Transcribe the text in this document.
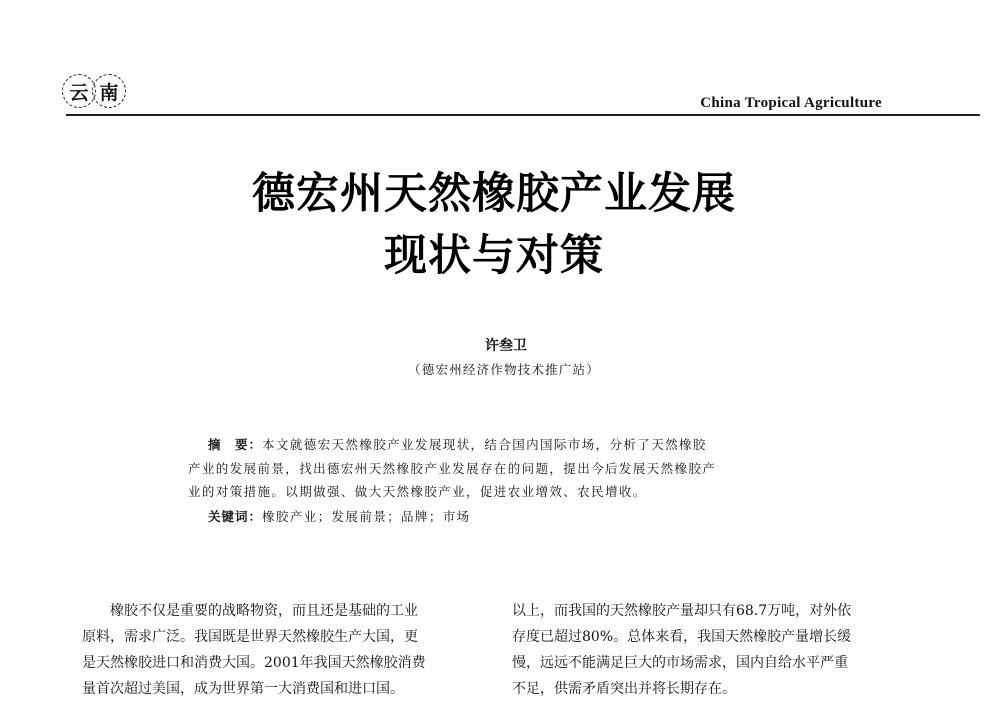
云 南	China Tropical Agriculture
德宏州天然橡胶产业发展
现状与对策
许叁卫
（德宏州经济作物技术推广站）
摘　要：本文就德宏天然橡胶产业发展现状，结合国内国际市场，分析了天然橡胶
产业的发展前景，找出德宏州天然橡胶产业发展存在的问题，提出今后发展天然橡胶产
业的对策措施。以期做强、做大天然橡胶产业，促进农业增效、农民增收。
关键词：橡胶产业；发展前景；品牌；市场
　　橡胶不仅是重要的战略物资，而且还是基础的工业
原料，需求广泛。我国既是世界天然橡胶生产大国，更
是天然橡胶进口和消费大国。2001年我国天然橡胶消费
量首次超过美国，成为世界第一大消费国和进口国。
以上，而我国的天然橡胶产量却只有68.7万吨，对外依
存度已超过80%。总体来看，我国天然橡胶产量增长缓
慢，远远不能满足巨大的市场需求，国内自给水平严重
不足，供需矛盾突出并将长期存在。
